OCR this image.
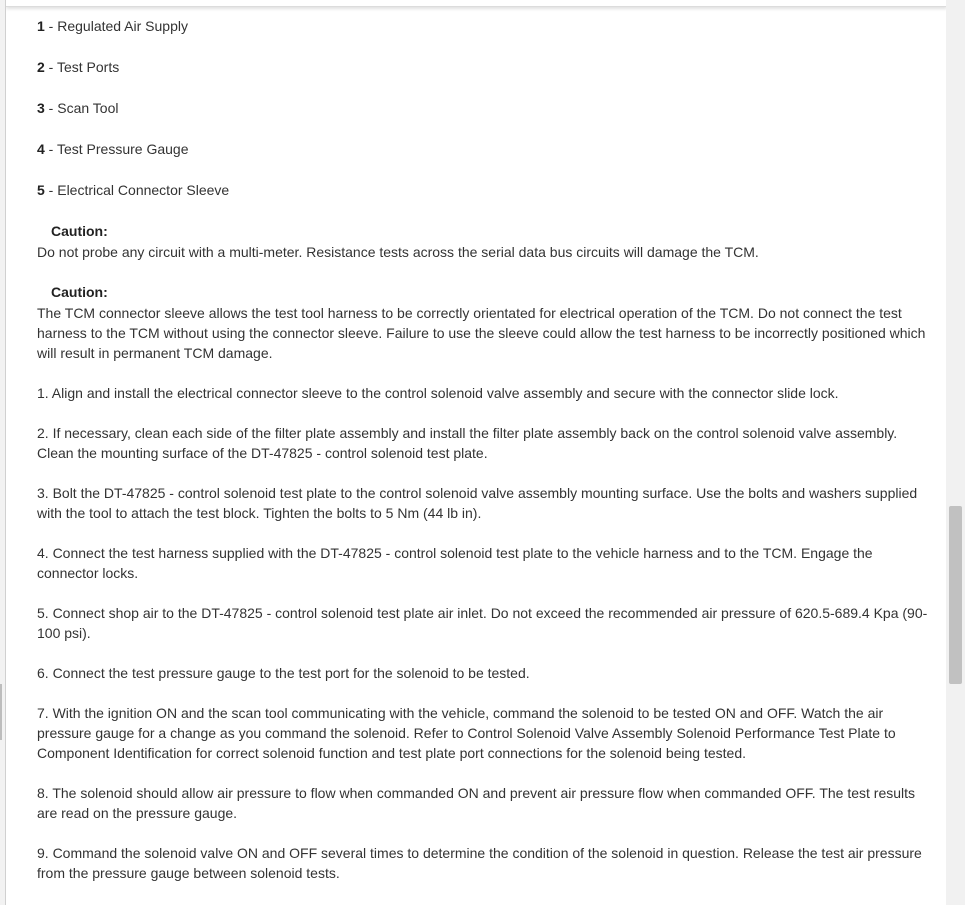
1 - Regulated Air Supply
2 - Test Ports
3 - Scan Tool
4 - Test Pressure Gauge
5 - Electrical Connector Sleeve
Caution:
Do not probe any circuit with a multi-meter. Resistance tests across the serial data bus circuits will damage the TCM.
Caution:
The TCM connector sleeve allows the test tool harness to be correctly orientated for electrical operation of the TCM. Do not connect the test harness to the TCM without using the connector sleeve. Failure to use the sleeve could allow the test harness to be incorrectly positioned which will result in permanent TCM damage.
1. Align and install the electrical connector sleeve to the control solenoid valve assembly and secure with the connector slide lock.
2. If necessary, clean each side of the filter plate assembly and install the filter plate assembly back on the control solenoid valve assembly. Clean the mounting surface of the DT-47825 - control solenoid test plate.
3. Bolt the DT-47825 - control solenoid test plate to the control solenoid valve assembly mounting surface. Use the bolts and washers supplied with the tool to attach the test block. Tighten the bolts to 5 Nm (44 lb in).
4. Connect the test harness supplied with the DT-47825 - control solenoid test plate to the vehicle harness and to the TCM. Engage the connector locks.
5. Connect shop air to the DT-47825 - control solenoid test plate air inlet. Do not exceed the recommended air pressure of 620.5-689.4 Kpa (90-100 psi).
6. Connect the test pressure gauge to the test port for the solenoid to be tested.
7. With the ignition ON and the scan tool communicating with the vehicle, command the solenoid to be tested ON and OFF. Watch the air pressure gauge for a change as you command the solenoid. Refer to Control Solenoid Valve Assembly Solenoid Performance Test Plate to Component Identification for correct solenoid function and test plate port connections for the solenoid being tested.
8. The solenoid should allow air pressure to flow when commanded ON and prevent air pressure flow when commanded OFF. The test results are read on the pressure gauge.
9. Command the solenoid valve ON and OFF several times to determine the condition of the solenoid in question. Release the test air pressure from the pressure gauge between solenoid tests.
